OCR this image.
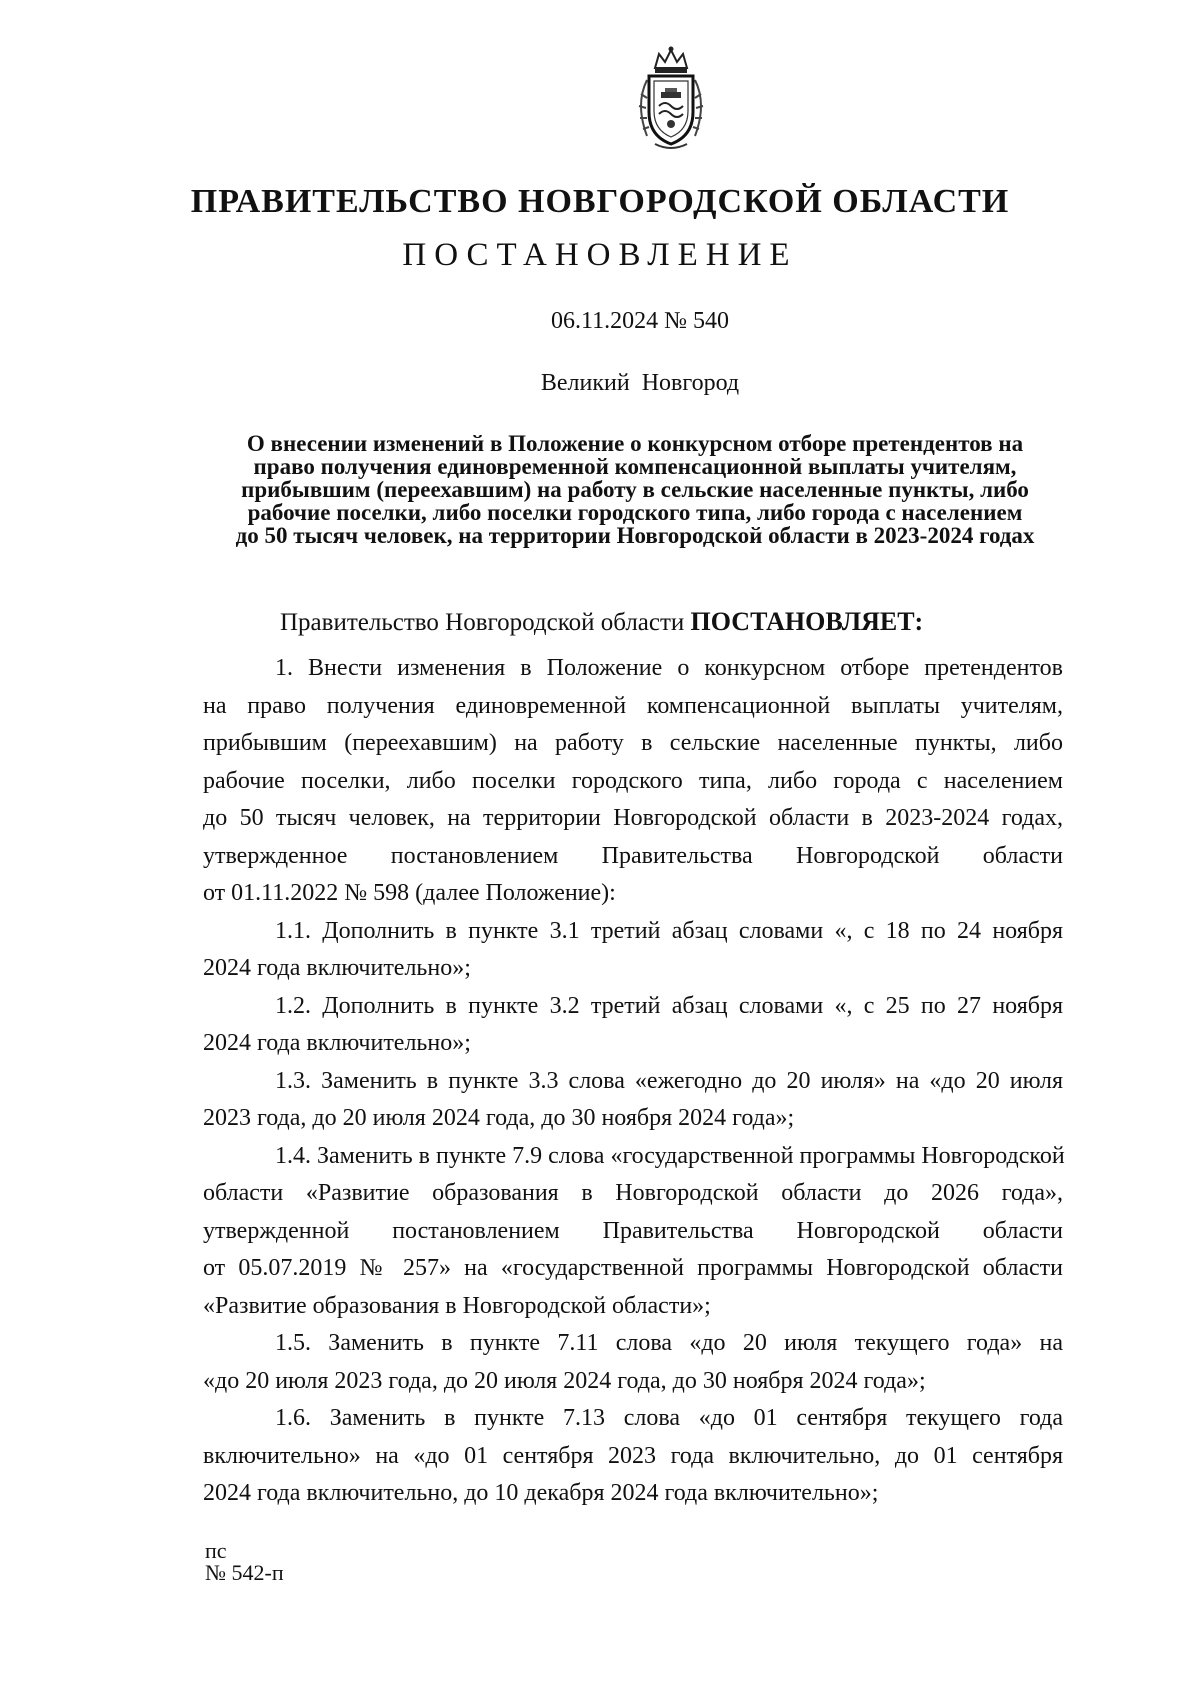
ПРАВИТЕЛЬСТВО НОВГОРОДСКОЙ ОБЛАСТИ
ПОСТАНОВЛЕНИЕ
06.11.2024 № 540
Великий Новгород
О внесении изменений в Положение о конкурсном отборе претендентов на
право получения единовременной компенсационной выплаты учителям,
прибывшим (переехавшим) на работу в сельские населенные пункты, либо
рабочие поселки, либо поселки городского типа, либо города с населением
до 50 тысяч человек, на территории Новгородской области в 2023-2024 годах
Правительство Новгородской области ПОСТАНОВЛЯЕТ:

1. Внести изменения в Положение о конкурсном отборе претендентов
на право получения единовременной компенсационной выплаты учителям,
прибывшим (переехавшим) на работу в сельские населенные пункты, либо
рабочие поселки, либо поселки городского типа, либо города с населением
до 50 тысяч человек, на территории Новгородской области в 2023-2024 годах,
утвержденное постановлением Правительства Новгородской области
от 01.11.2022 № 598 (далее Положение):

1.1. Дополнить в пункте 3.1 третий абзац словами «, с 18 по 24 ноября
2024 года включительно»;

1.2. Дополнить в пункте 3.2 третий абзац словами «, с 25 по 27 ноября
2024 года включительно»;

1.3. Заменить в пункте 3.3 слова «ежегодно до 20 июля» на «до 20 июля
2023 года, до 20 июля 2024 года, до 30 ноября 2024 года»;

1.4. Заменить в пункте 7.9 слова «государственной программы Новгородской
области «Развитие образования в Новгородской области до 2026 года»,
утвержденной постановлением Правительства Новгородской области
от 05.07.2019 № 257» на «государственной программы Новгородской области
«Развитие образования в Новгородской области»;

1.5. Заменить в пункте 7.11 слова «до 20 июля текущего года» на
«до 20 июля 2023 года, до 20 июля 2024 года, до 30 ноября 2024 года»;

1.6. Заменить в пункте 7.13 слова «до 01 сентября текущего года
включительно» на «до 01 сентября 2023 года включительно, до 01 сентября
2024 года включительно, до 10 декабря 2024 года включительно»;

пс
№ 542-п
